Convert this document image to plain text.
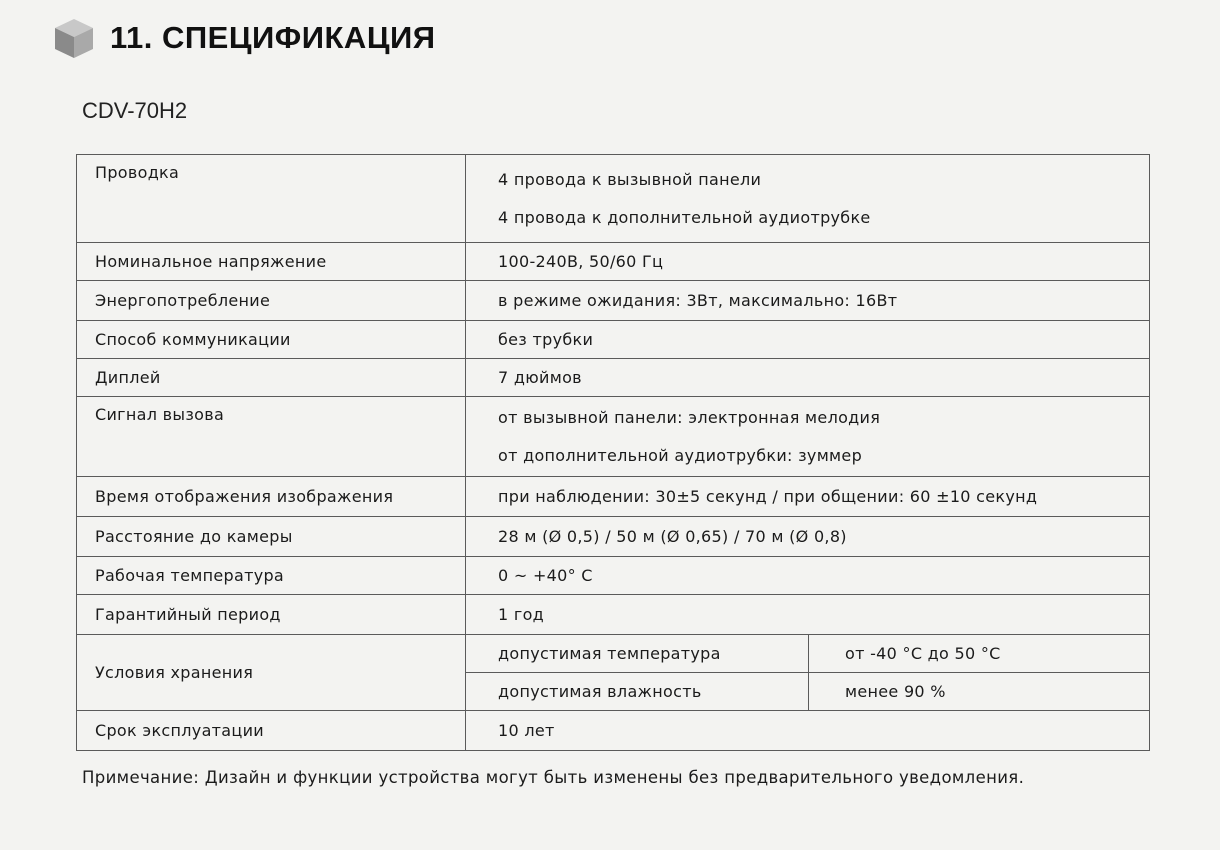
11. СПЕЦИФИКАЦИЯ
CDV-70H2
Проводка	4 провода к вызывной панели
4 провода к дополнительной аудиотрубке	

Номинальное напряжение	100-240В, 50/60 Гц	
Энергопотребление	в режиме ожидания: 3Вт, максимально: 16Вт	
Способ коммуникации	без трубки	
Диплей	7 дюймов	
Сигнал вызова	от вызывной панели: электронная мелодия
от дополнительной аудиотрубки: зуммер	

Время отображения изображения	при наблюдении: 30±5 секунд / при общении: 60 ±10 секунд	
Расстояние до камеры	28 м (Ø 0,5) / 50 м (Ø 0,65) / 70 м (Ø 0,8)	
Рабочая температура	0 ~ +40° С	
Гарантийный период	1 год	
Условия хранения	допустимая температура	от -40 °С до 50 °С
	допустимая влажность	менее 90 %
Срок эксплуатации	10 лет	
Примечание: Дизайн и функции устройства могут быть изменены без предварительного уведомления.
